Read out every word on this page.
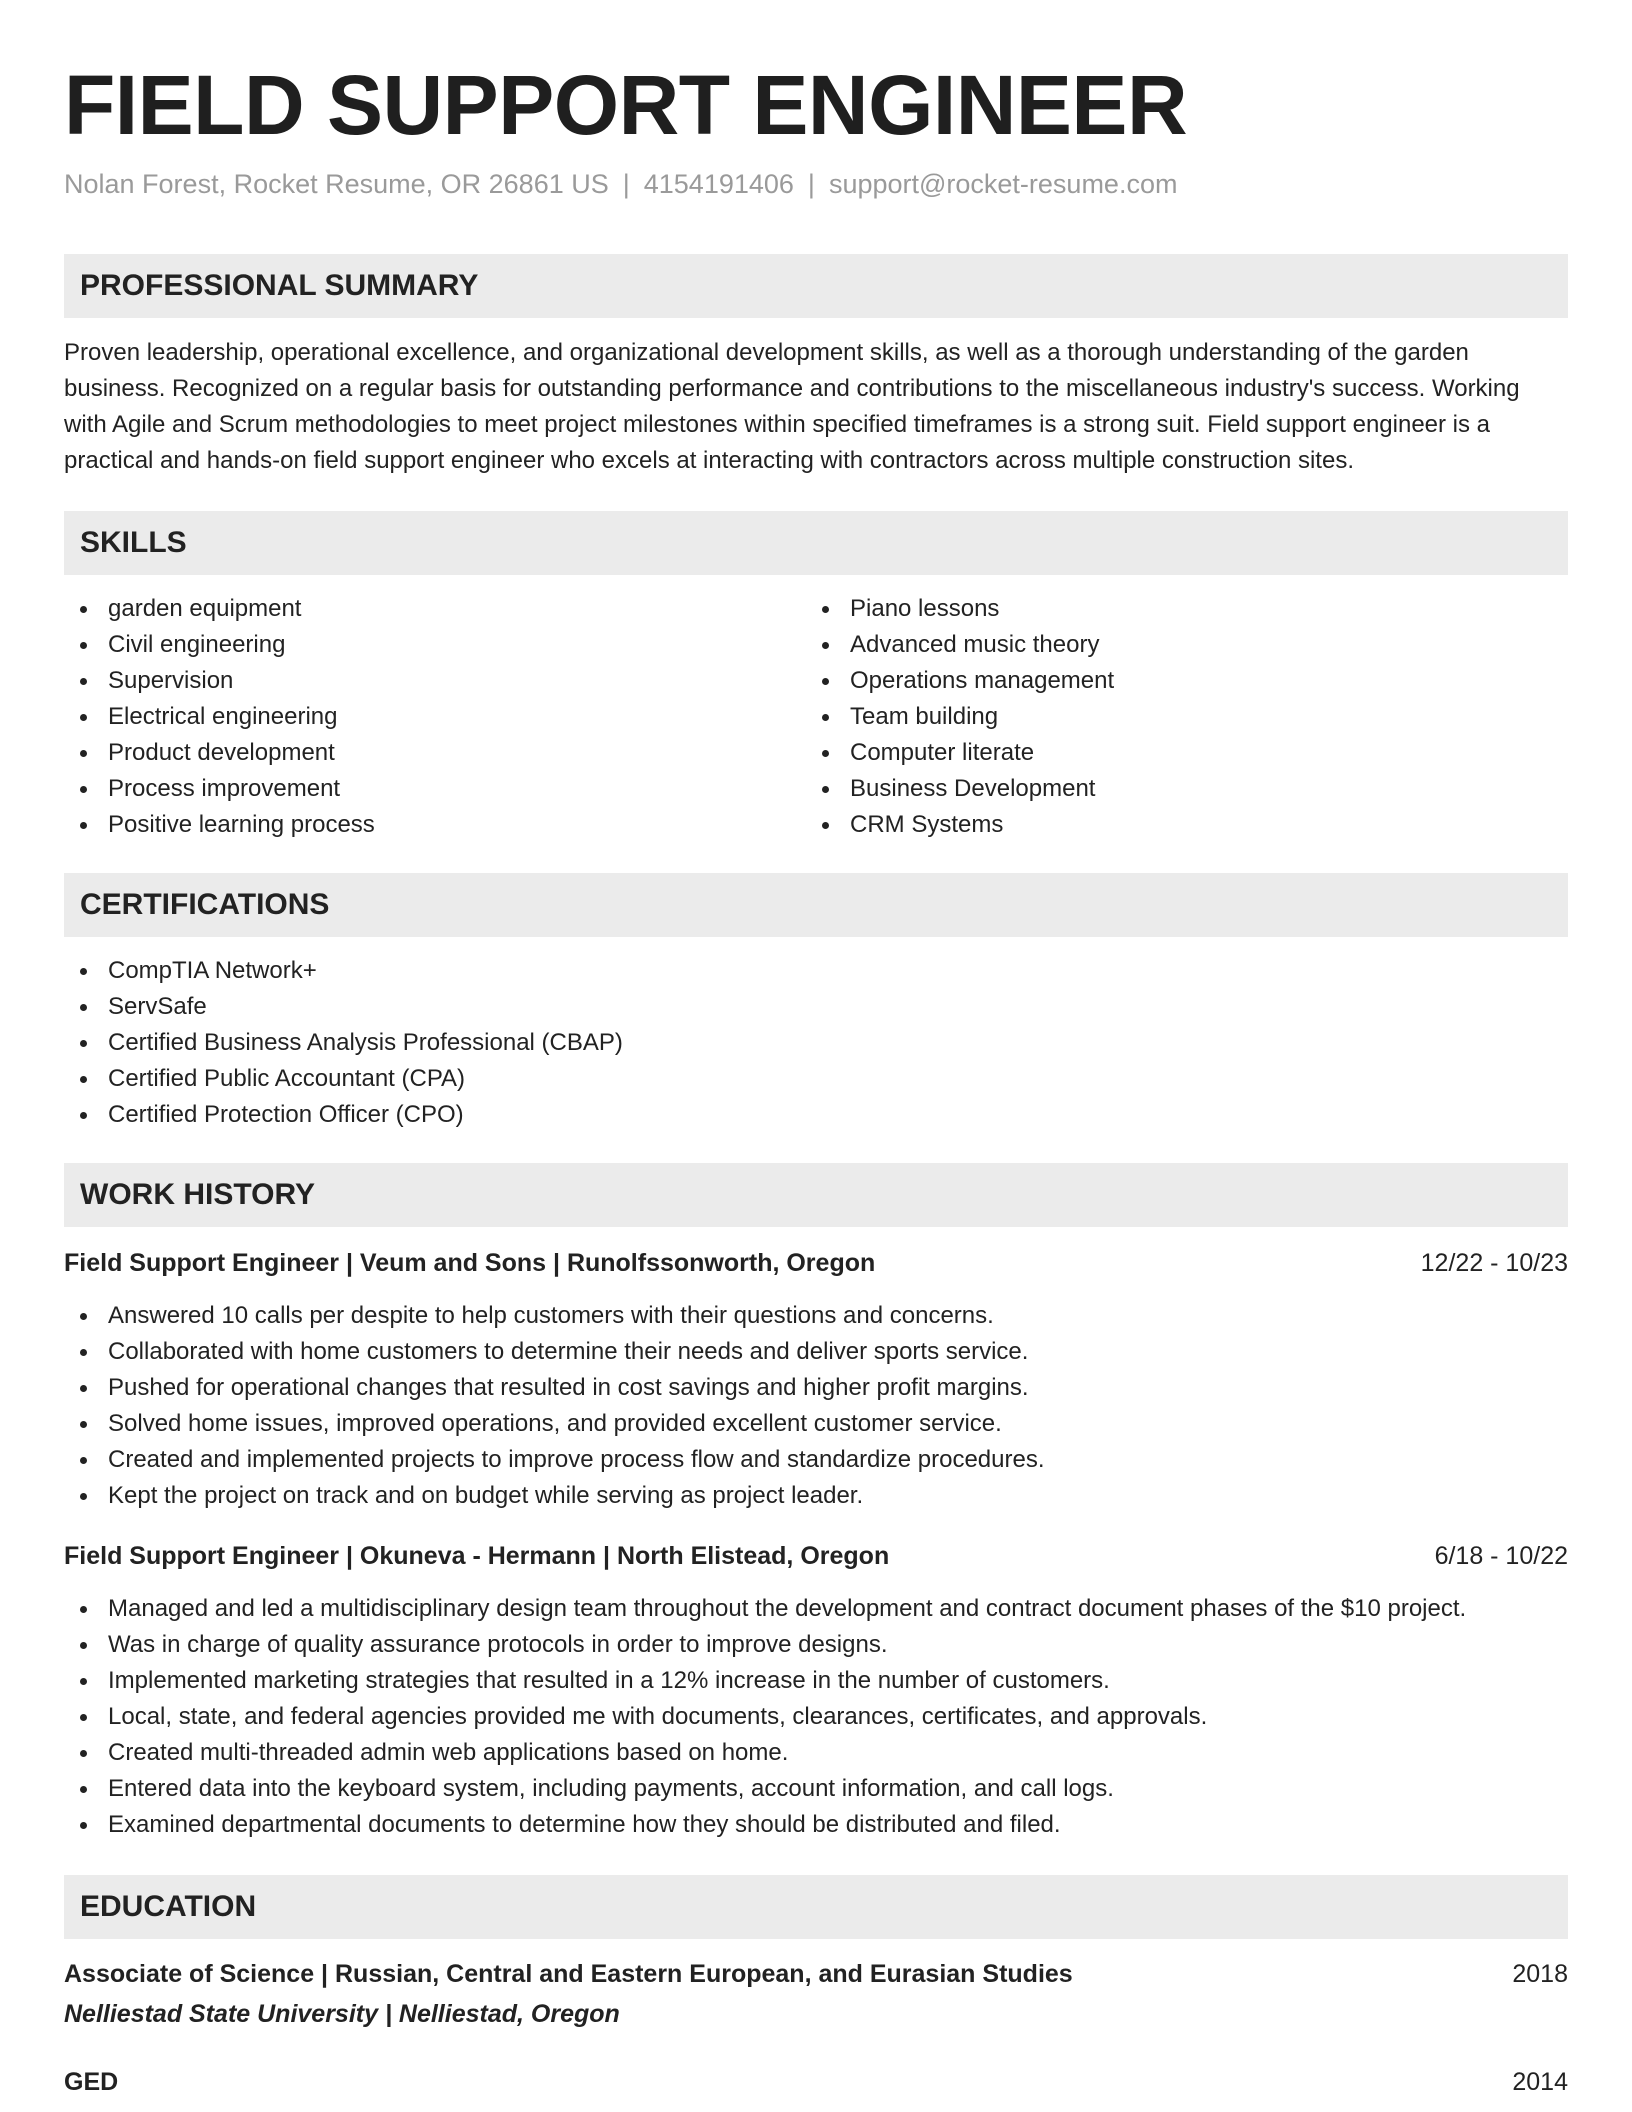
FIELD SUPPORT ENGINEER
Nolan Forest, Rocket Resume, OR 26861 US | 4154191406 | support@rocket-resume.com
PROFESSIONAL SUMMARY

Proven leadership, operational excellence, and organizational development skills, as well as a thorough understanding of the garden business. Recognized on a regular basis for outstanding performance and contributions to the miscellaneous industry's success. Working with Agile and Scrum methodologies to meet project milestones within specified timeframes is a strong suit. Field support engineer is a practical and hands-on field support engineer who excels at interacting with contractors across multiple construction sites.

SKILLS
garden equipment
Civil engineering
Supervision
Electrical engineering
Product development
Process improvement
Positive learning process
Piano lessons
Advanced music theory
Operations management
Team building
Computer literate
Business Development
CRM Systems
CERTIFICATIONS
CompTIA Network+
ServSafe
Certified Business Analysis Professional (CBAP)
Certified Public Accountant (CPA)
Certified Protection Officer (CPO)
WORK HISTORY
Field Support Engineer | Veum and Sons | Runolfssonworth, Oregon	12/22 - 10/23
Answered 10 calls per despite to help customers with their questions and concerns.
Collaborated with home customers to determine their needs and deliver sports service.
Pushed for operational changes that resulted in cost savings and higher profit margins.
Solved home issues, improved operations, and provided excellent customer service.
Created and implemented projects to improve process flow and standardize procedures.
Kept the project on track and on budget while serving as project leader.
Field Support Engineer | Okuneva - Hermann | North Elistead, Oregon	6/18 - 10/22
Managed and led a multidisciplinary design team throughout the development and contract document phases of the $10 project.
Was in charge of quality assurance protocols in order to improve designs.
Implemented marketing strategies that resulted in a 12% increase in the number of customers.
Local, state, and federal agencies provided me with documents, clearances, certificates, and approvals.
Created multi-threaded admin web applications based on home.
Entered data into the keyboard system, including payments, account information, and call logs.
Examined departmental documents to determine how they should be distributed and filed.
EDUCATION
Associate of Science | Russian, Central and Eastern European, and Eurasian Studies	2018
Nelliestad State University | Nelliestad, Oregon
GED	2014
